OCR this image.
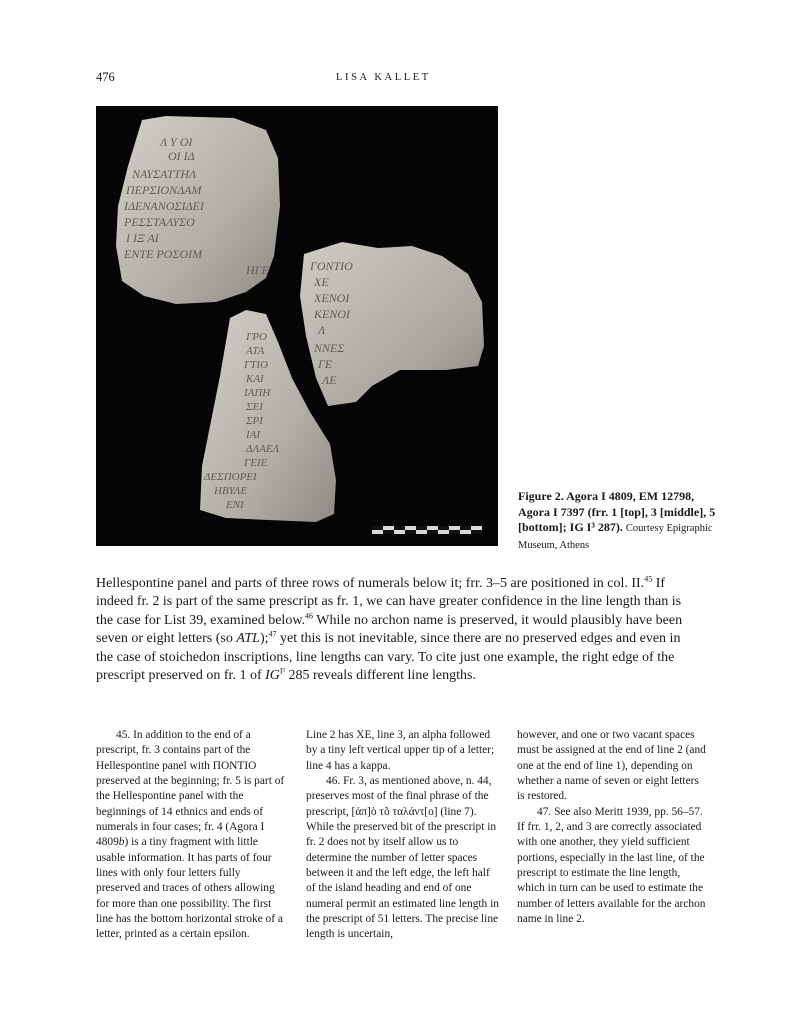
476	LISA KALLET
Λ Υ ΟΙ
ΟΙ ΙΔ
ΝΑΥΣΑΤΤΗΛ
ΠΕΡΣΙΟΝΔΑΜ
ΙΔΕΝΑΝΟΣΙΔΕΙ
ΡΕΣΣΤΑΛΥΣΟ
Ι ΙΞ ΑΙ
ΕΝΤΕ ΡΟΣΟΙΜ
ΗΓΕ	ΓΟΝΤΙΟ
ΧΕ
ΧΕΝΟΙ
ΚΕΝΟΙ
Λ
ΝΝΕΣ
ΓΕ
ΛΕ
ΓΡΟ
ΑΤΑ
ΓΤΙΟ
ΚΑΙ
ΙΑΠΗ
ΣΕΙ
ΣΡΙ
ΙΑΙ
ΔΛΑΕΛ
ΓΕΙΕ
ΔΕΣΠΟΡΕΙ
ΗΒΥΛΕ
ΕΝΙ
Figure 2. Agora I 4809, EM 12798, Agora I 7397 (frr. 1 [top], 3 [middle], 5 [bottom]; IG I³ 287). Courtesy Epigraphic Museum, Athens

Hellespontine panel and parts of three rows of numerals below it; frr. 3–5 are positioned in col. II.$^{45}$ If indeed fr. 2 is part of the same prescript as fr. 1, we can have greater confidence in the line length than is the case for List 39, examined below.$^{46}$ While no archon name is preserved, it would plausibly have been seven or eight letters (so ATL);$^{47}$ yet this is not inevitable, since there are no preserved edges and even in the case of stoichedon inscriptions, line lengths can vary. To cite just one example, the right edge of the prescript preserved on fr. 1 of $IG^{I^3}$ 285 reveals different line lengths.

45. In addition to the end of a prescript, fr. 3 contains part of the Hellespontine panel with ΠΟΝΤΙΟ preserved at the beginning; fr. 5 is part of the Hellespontine panel with the beginnings of 14 ethnics and ends of numerals in four cases; fr. 4 (Agora I 4809b) is a tiny fragment with little usable information. It has parts of four lines with only four letters fully preserved and traces of others allowing for more than one possibility. The first line has the bottom horizontal stroke of a letter, printed as a certain epsilon.

Line 2 has ΧΕ, line 3, an alpha followed by a tiny left vertical upper tip of a letter; line 4 has a kappa.

46. Fr. 3, as mentioned above, n. 44, preserves most of the final phrase of the prescript, [ἀπ]ὸ τõ ταλάντ[ο] (line 7). While the preserved bit of the prescript in fr. 2 does not by itself allow us to determine the number of letter spaces between it and the left edge, the left half of the island heading and end of one numeral permit an estimated line length in the prescript of 51 letters. The precise line length is uncertain,

however, and one or two vacant spaces must be assigned at the end of line 2 (and one at the end of line 1), depending on whether a name of seven or eight letters is restored.

47. See also Meritt 1939, pp. 56–57. If frr. 1, 2, and 3 are correctly associated with one another, they yield sufficient portions, especially in the last line, of the prescript to estimate the line length, which in turn can be used to estimate the number of letters available for the archon name in line 2.
